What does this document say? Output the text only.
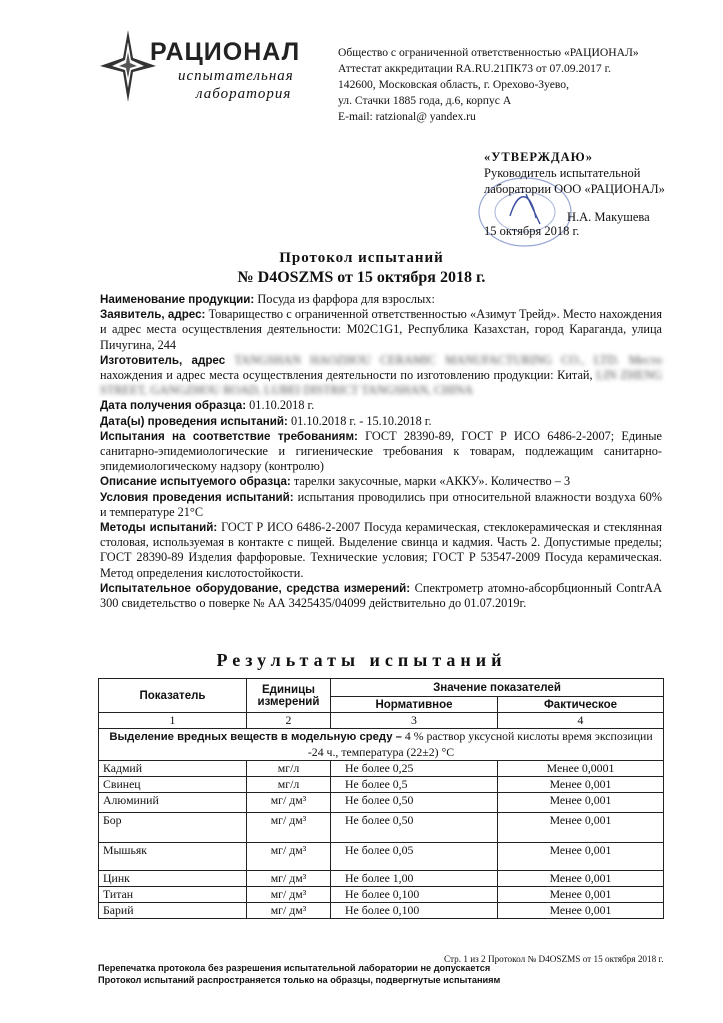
РАЦИОНАЛ
испытательная
лаборатория
Общество с ограниченной ответственностью «РАЦИОНАЛ»
Аттестат аккредитации RA.RU.21ПК73 от 07.09.2017 г.
142600, Московская область, г. Орехово-Зуево,
ул. Стачки 1885 года, д.6, корпус А
E-mail: ratzional@ yandex.ru
«УТВЕРЖДАЮ»
Руководитель испытательной
лаборатории ООО «РАЦИОНАЛ»
Н.А. Макушева
15 октября 2018 г.
Протокол испытаний
№ D4OSZMS от 15 октября 2018 г.

Наименование продукции: Посуда из фарфора для взрослых:

Заявитель, адрес: Товарищество с ограниченной ответственностью «Азимут Трейд». Место нахождения и адрес места осуществления деятельности: М02С1G1, Республика Казахстан, город Караганда, улица Пичугина, 244

Изготовитель, адрес TANGSHAN HAOZHOU CERAMIC MANUFACTURING CO., LTD. Место нахождения и адрес места осуществления деятельности по изготовлению продукции: Китай, LIN ZHENG STREET, GANGZHOU ROAD, LUBEI DISTRICT TANGSHAN, CHINA

Дата получения образца: 01.10.2018 г.

Дата(ы) проведения испытаний: 01.10.2018 г. - 15.10.2018 г.

Испытания на соответствие требованиям: ГОСТ 28390-89, ГОСТ Р ИСО 6486-2-2007; Единые санитарно-эпидемиологические и гигиенические требования к товарам, подлежащим санитарно-эпидемиологическому надзору (контролю)

Описание испытуемого образца: тарелки закусочные, марки «АККУ». Количество – 3

Условия проведения испытаний: испытания проводились при относительной влажности воздуха 60% и температуре 21°С

Методы испытаний: ГОСТ Р ИСО 6486-2-2007 Посуда керамическая, стеклокерамическая и стеклянная столовая, используемая в контакте с пищей. Выделение свинца и кадмия. Часть 2. Допустимые пределы; ГОСТ 28390-89 Изделия фарфоровые. Технические условия; ГОСТ Р 53547-2009 Посуда керамическая. Метод определения кислотостойкости.

Испытательное оборудование, средства измерений: Спектрометр атомно-абсорбционный ContrAA 300 свидетельство о поверке № АА 3425435/04099 действительно до 01.07.2019г.

Результаты испытаний
Показатель	Единицы измерений	Значение показателей	
		Нормативное	Фактическое
1	2	3	4
Выделение вредных веществ в модельную среду – 4 % раствор уксусной кислоты время экспозиции -24 ч., температура (22±2) °С			
Кадмий	мг/л	Не более 0,25	Менее 0,0001
Свинец	мг/л	Не более 0,5	Менее 0,001
Алюминий	мг/ дм³	Не более 0,50	Менее 0,001
Бор	мг/ дм³	Не более 0,50	Менее 0,001
Мышьяк	мг/ дм³	Не более 0,05	Менее 0,001
Цинк	мг/ дм³	Не более 1,00	Менее 0,001
Титан	мг/ дм³	Не более 0,100	Менее 0,001
Барий	мг/ дм³	Не более 0,100	Менее 0,001
Стр. 1 из 2 Протокол № D4OSZMS от 15 октября 2018 г.
Перепечатка протокола без разрешения испытательной лаборатории не допускается
Протокол испытаний распространяется только на образцы, подвергнутые испытаниям
